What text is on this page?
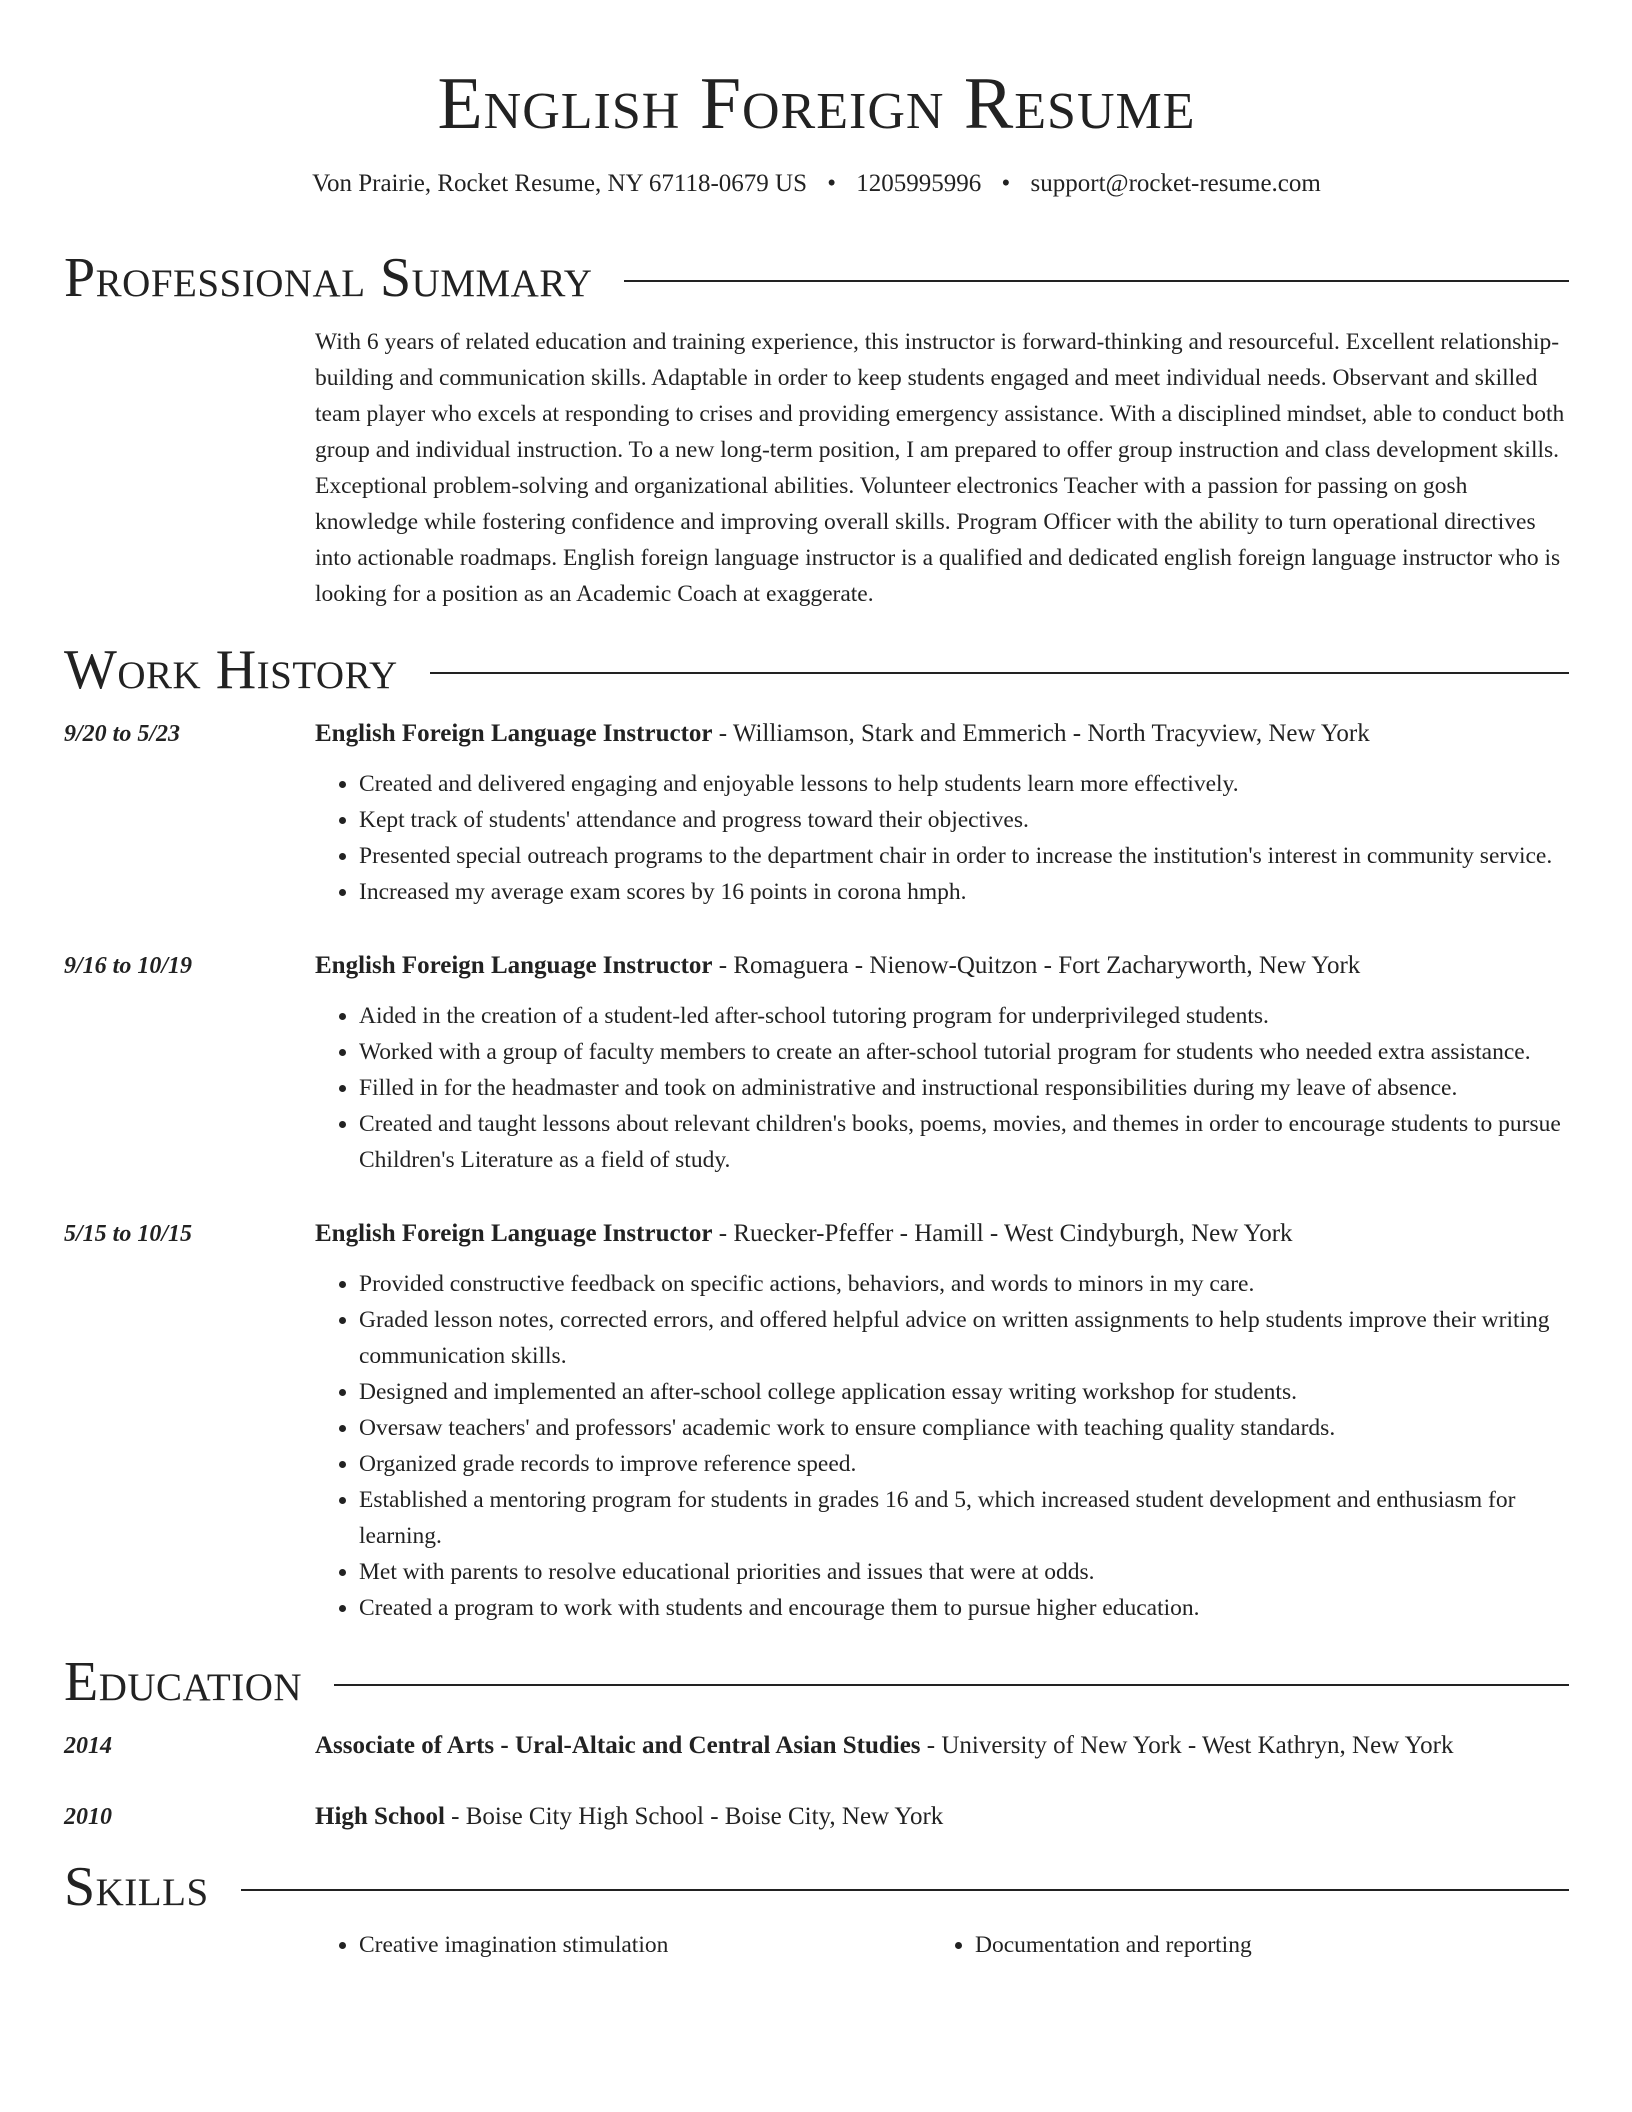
English Foreign Resume
Von Prairie, Rocket Resume, NY 67118-0679 US • 1205995996 • support@rocket-resume.com
Professional Summary
With 6 years of related education and training experience, this instructor is forward-thinking and resourceful. Excellent relationship-building and communication skills. Adaptable in order to keep students engaged and meet individual needs. Observant and skilled team player who excels at responding to crises and providing emergency assistance. With a disciplined mindset, able to conduct both group and individual instruction. To a new long-term position, I am prepared to offer group instruction and class development skills. Exceptional problem-solving and organizational abilities. Volunteer electronics Teacher with a passion for passing on gosh knowledge while fostering confidence and improving overall skills. Program Officer with the ability to turn operational directives into actionable roadmaps. English foreign language instructor is a qualified and dedicated english foreign language instructor who is looking for a position as an Academic Coach at exaggerate.
Work History
9/20 to 5/23	English Foreign Language Instructor - Williamson, Stark and Emmerich - North Tracyview, New York
• Created and delivered engaging and enjoyable lessons to help students learn more effectively.
• Kept track of students' attendance and progress toward their objectives.
• Presented special outreach programs to the department chair in order to increase the institution's interest in community service.
• Increased my average exam scores by 16 points in corona hmph.
9/16 to 10/19	English Foreign Language Instructor - Romaguera - Nienow-Quitzon - Fort Zacharyworth, New York
• Aided in the creation of a student-led after-school tutoring program for underprivileged students.
• Worked with a group of faculty members to create an after-school tutorial program for students who needed extra assistance.
• Filled in for the headmaster and took on administrative and instructional responsibilities during my leave of absence.
• Created and taught lessons about relevant children's books, poems, movies, and themes in order to encourage students to pursue Children's Literature as a field of study.
5/15 to 10/15	English Foreign Language Instructor - Ruecker-Pfeffer - Hamill - West Cindyburgh, New York
• Provided constructive feedback on specific actions, behaviors, and words to minors in my care.
• Graded lesson notes, corrected errors, and offered helpful advice on written assignments to help students improve their writing communication skills.
• Designed and implemented an after-school college application essay writing workshop for students.
• Oversaw teachers' and professors' academic work to ensure compliance with teaching quality standards.
• Organized grade records to improve reference speed.
• Established a mentoring program for students in grades 16 and 5, which increased student development and enthusiasm for learning.
• Met with parents to resolve educational priorities and issues that were at odds.
• Created a program to work with students and encourage them to pursue higher education.
Education
2014	Associate of Arts - Ural-Altaic and Central Asian Studies - University of New York - West Kathryn, New York
2010	High School - Boise City High School - Boise City, New York
Skills
• Creative imagination stimulation
•	Documentation and reporting
